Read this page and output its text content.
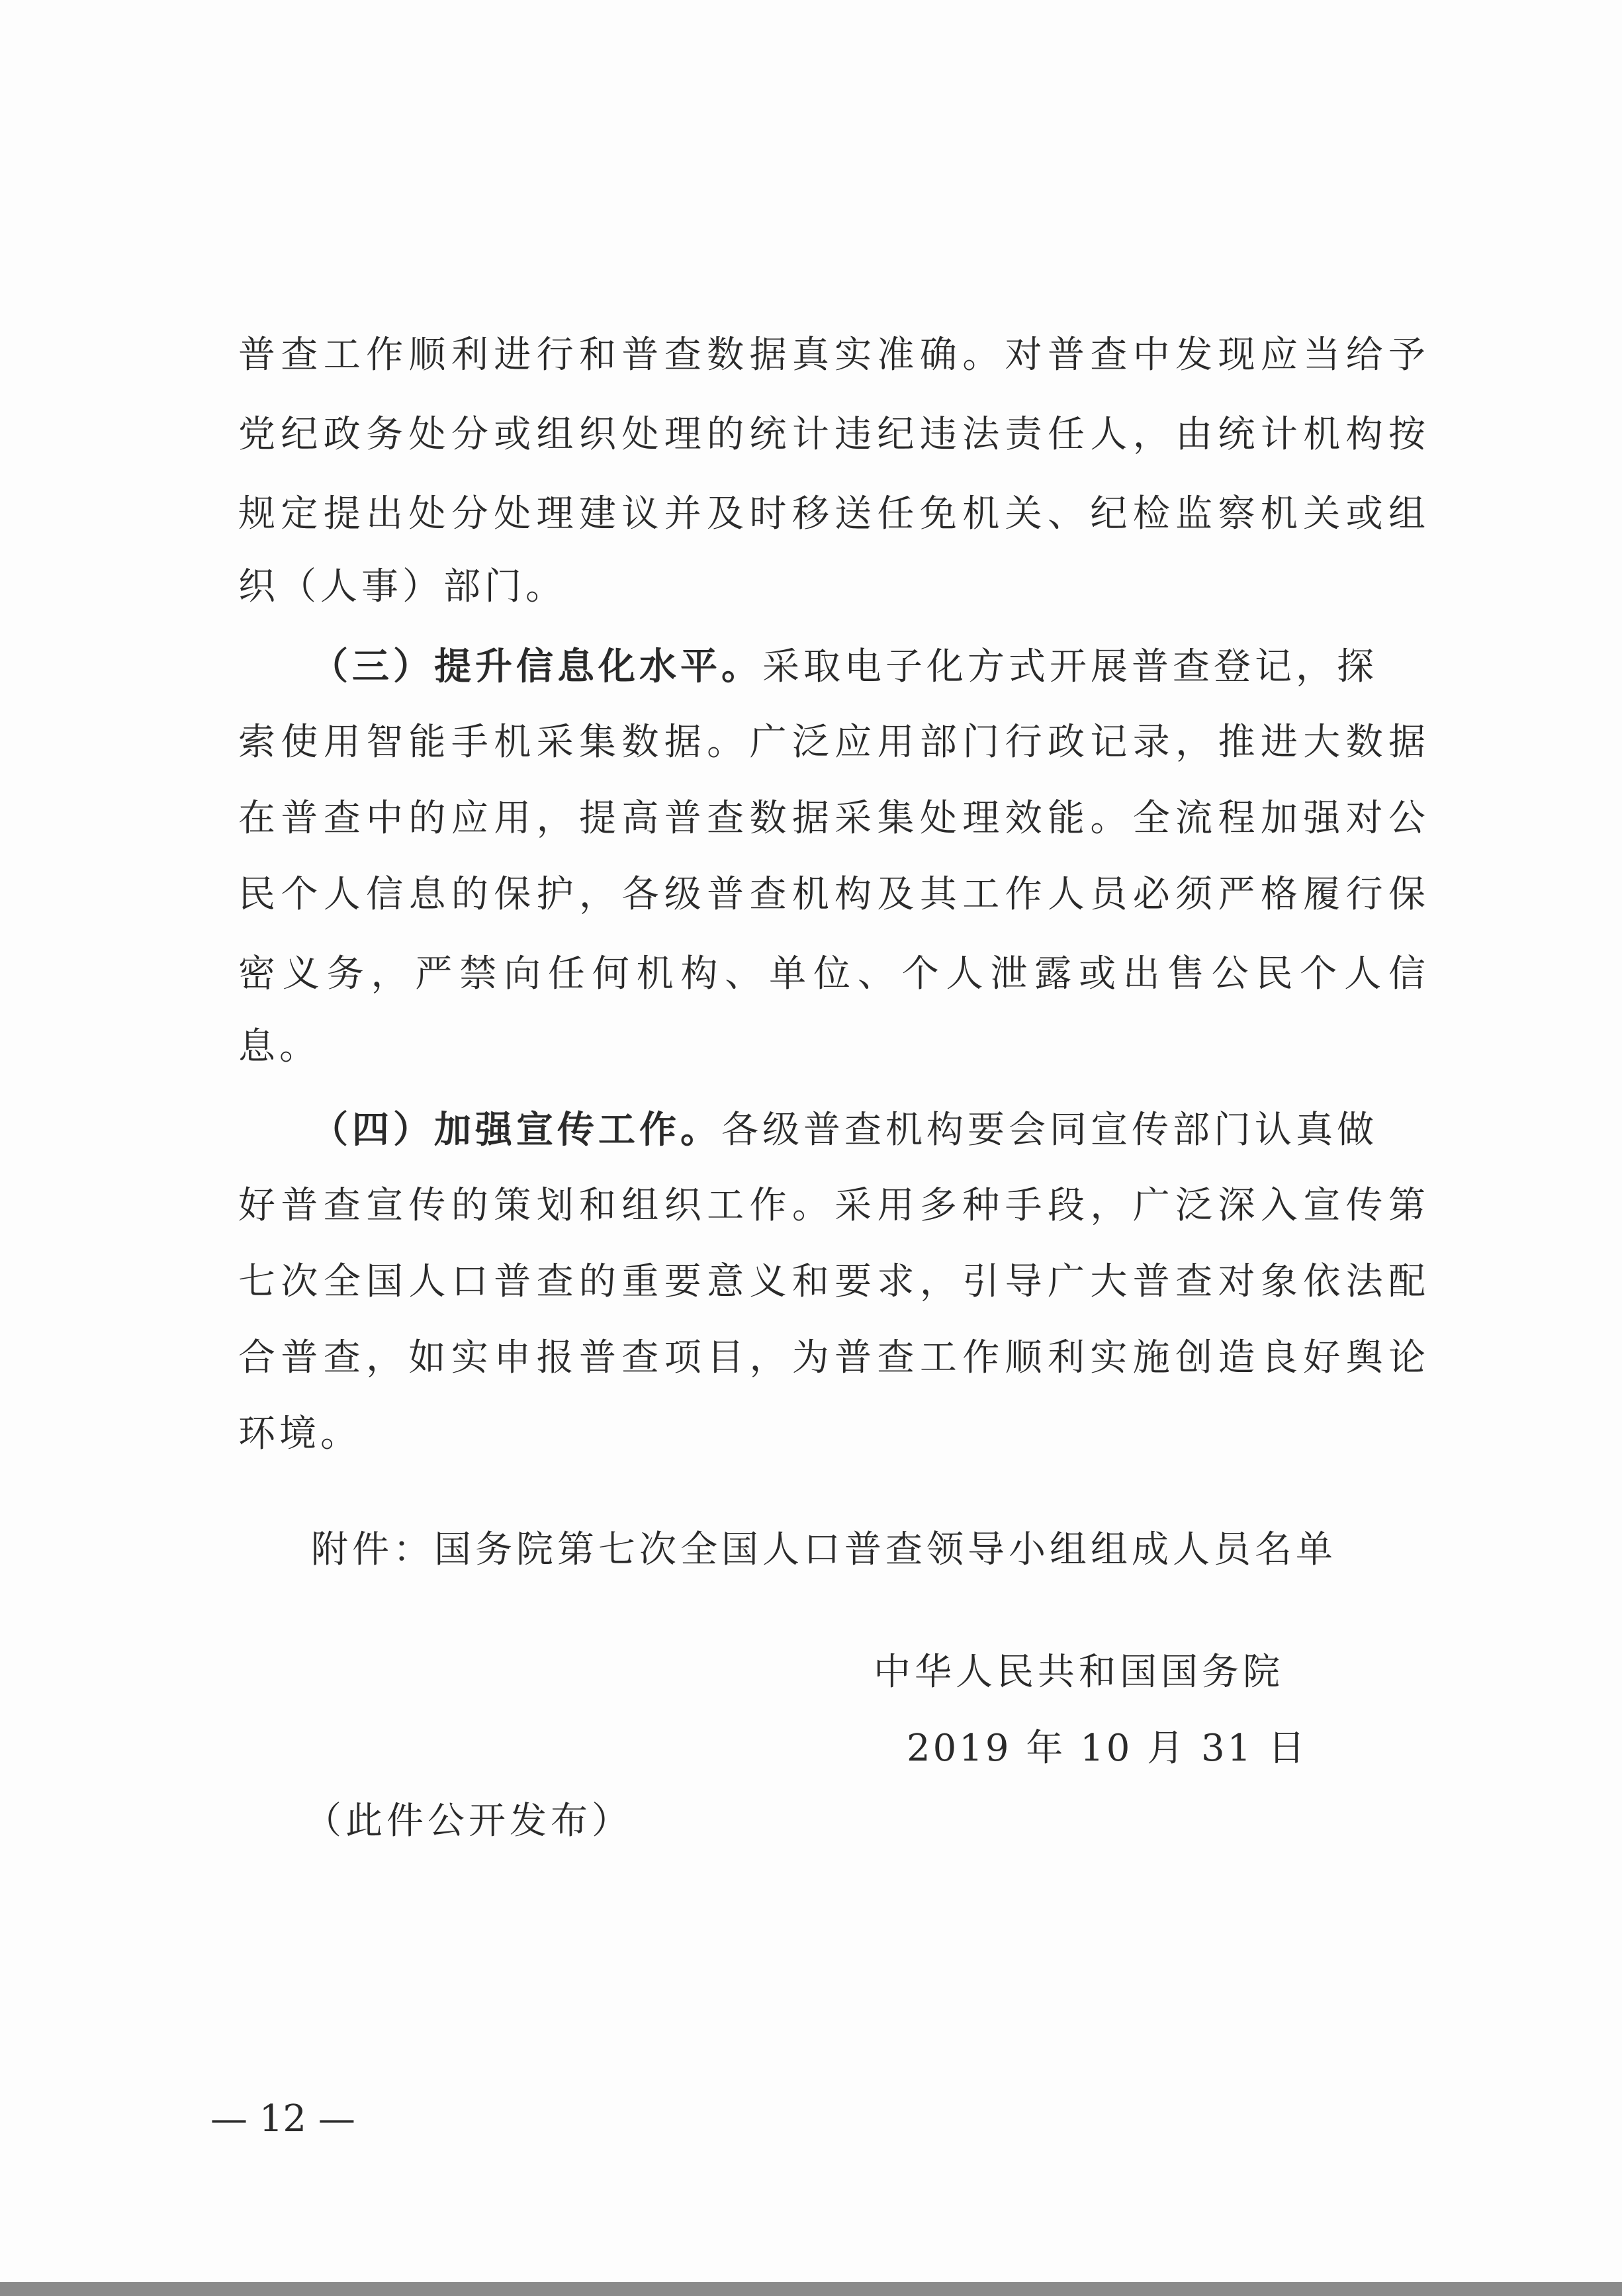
普查工作顺利进行和普查数据真实准确。对普查中发现应当给予
党纪政务处分或组织处理的统计违纪违法责任人，由统计机构按
规定提出处分处理建议并及时移送任免机关、纪检监察机关或组
织（人事）部门。
（三）提升信息化水平。采取电子化方式开展普查登记，探
索使用智能手机采集数据。广泛应用部门行政记录，推进大数据
在普查中的应用，提高普查数据采集处理效能。全流程加强对公
民个人信息的保护，各级普查机构及其工作人员必须严格履行保
密义务，严禁向任何机构、单位、个人泄露或出售公民个人信
息。
（四）加强宣传工作。各级普查机构要会同宣传部门认真做
好普查宣传的策划和组织工作。采用多种手段，广泛深入宣传第
七次全国人口普查的重要意义和要求，引导广大普查对象依法配
合普查，如实申报普查项目，为普查工作顺利实施创造良好舆论
环境。
附件：国务院第七次全国人口普查领导小组组成人员名单
中华人民共和国国务院
2019 年 10 月 31 日
（此件公开发布）
— 12 —
